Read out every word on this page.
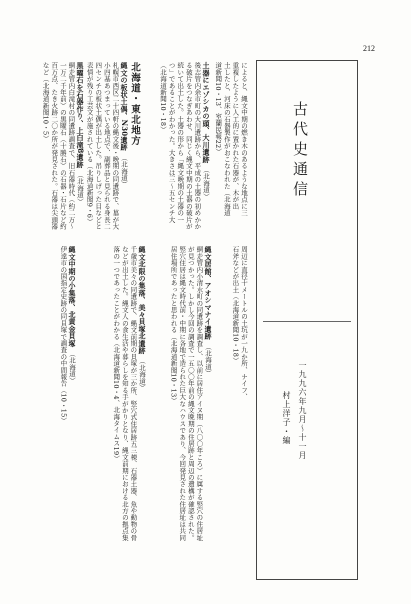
212
古代史通信
一九九六年九月〜十一月
村上洋子・編

によると、縄文中期の燃き木のあるような地点に三

重複したように人工的に置かれた石器が、木が出

土したと、河床の石器製作がおこなわれた（北海道

道新聞10・13、室蘭民報22）

土器にエゾシカの頭、大川遺跡　（北海道）

後志管内余市町の大川遺跡から、平成の土器の初めかかる破片をつなぎあわせ、同じく縄文中期の土器の破片が続いて出土した。土器の形から「縄文晩期の土器の一つ」であることがわかった。大きさは三〜五センチ大（北海道新聞10・18）

北海道・東北地方

縄文の板状土偶、N30遺跡　（北海道）

札幌市西区二十四軒の縄文後・晩期の同遺跡で、墓が大小四基あつまっている地点で、副葬品と見られる身長二四センチの板状土偶が出土した。吊りしげった目などと表情が残り工芸文が施されている（北海道新聞9・6）

黒曜石を石器作り、上白滝8遺跡　（北海道）

網走管内白滝村の同遺跡調査で、旧石器時代（約二万〜一万二千年前）の黒曜石（十勝石）の石器・石片など約百万点、たき火跡二〇か所が発見された。石器は尖頭器など（北海道新聞10・5）

周辺に直径十メートルの土坑が一九か所、ナイフ、

石斧などが出土（北海道新聞10・18）

縄文居館、アオシマナイ遺跡　（北海道）

網走管内小清水町の同遺跡を調査し、以前に居住アイヌ期（八〇〇年ころ）に属する竪穴の住居址が見つかった。しかし今回の調査で一五〇〇年前の縄文晩期の住居跡と周辺の遺構が確認された。竪穴住居は縄文時代前・中期に各地で造られた巨大なハウスであり、今回発見された住居址は共同居住場所であったと思われる（北海道新聞10・13）

縄文北限の集落、美々貝塚北遺跡　（北海道）

千歳市美々の同遺跡で、縄文前期の貝塚が三か所、竪穴式住居跡五三棟、石器土器、魚や動物の骨などが出土した。縄文人の食生活や暮らしを知る手がかりとなり、縄文前期における北方の拠点集落の一つであったことがわかる（北海道新聞10・4、北海タイムス19）

縄文中期の小集落、北黄金貝塚　（北海道）

伊達市の国指定史跡の同貝塚で調査の中間報告（10・15）
